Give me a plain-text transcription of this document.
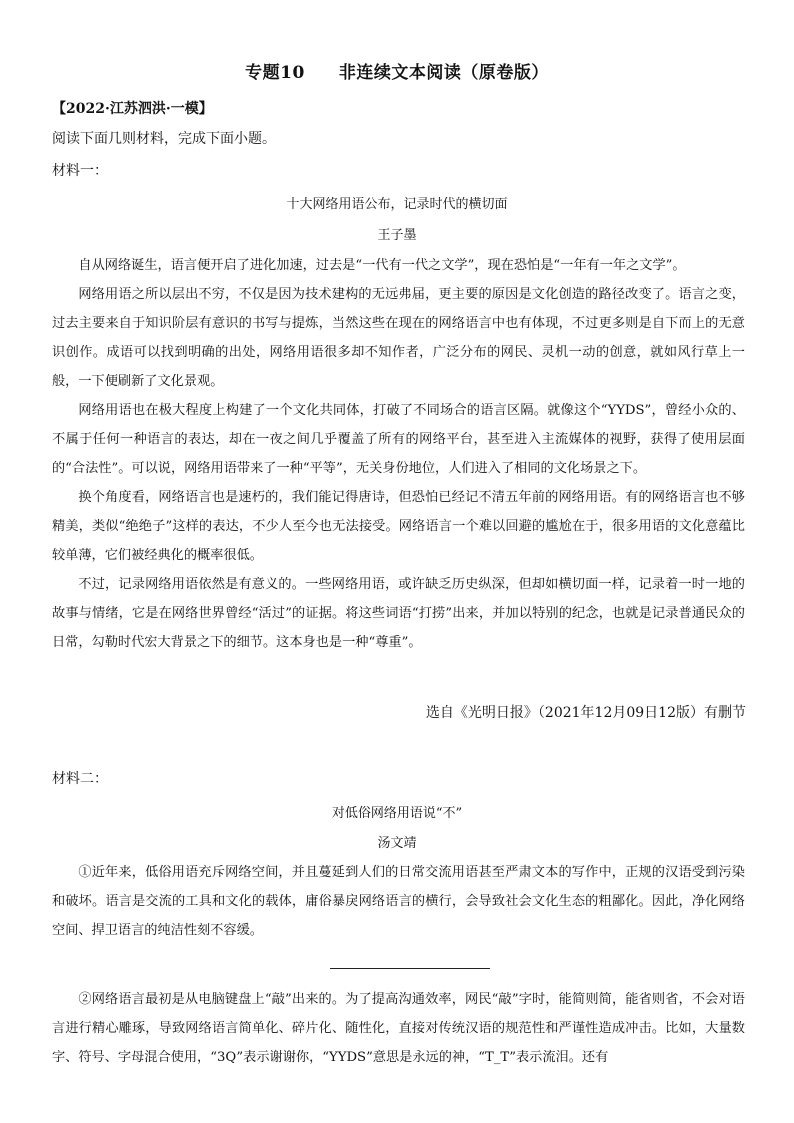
专题10 非连续文本阅读（原卷版）
【2022·江苏泗洪·一模】
阅读下面几则材料，完成下面小题。
材料一：
十大网络用语公布，记录时代的横切面
王子墨

自从网络诞生，语言便开启了进化加速，过去是“一代有一代之文学”，现在恐怕是“一年有一年之文学”。

网络用语之所以层出不穷，不仅是因为技术建构的无远弗届，更主要的原因是文化创造的路径改变了。语言之变，过去主要来自于知识阶层有意识的书写与提炼，当然这些在现在的网络语言中也有体现，不过更多则是自下而上的无意识创作。成语可以找到明确的出处，网络用语很多却不知作者，广泛分布的网民、灵机一动的创意，就如风行草上一般，一下便刷新了文化景观。

网络用语也在极大程度上构建了一个文化共同体，打破了不同场合的语言区隔。就像这个“YYDS”，曾经小众的、不属于任何一种语言的表达，却在一夜之间几乎覆盖了所有的网络平台，甚至进入主流媒体的视野，获得了使用层面的“合法性”。可以说，网络用语带来了一种“平等”，无关身份地位，人们进入了相同的文化场景之下。

换个角度看，网络语言也是速朽的，我们能记得唐诗，但恐怕已经记不清五年前的网络用语。有的网络语言也不够精美，类似“绝绝子”这样的表达，不少人至今也无法接受。网络语言一个难以回避的尴尬在于，很多用语的文化意蕴比较单薄，它们被经典化的概率很低。

不过，记录网络用语依然是有意义的。一些网络用语，或许缺乏历史纵深，但却如横切面一样，记录着一时一地的故事与情绪，它是在网络世界曾经“活过”的证据。将这些词语“打捞”出来，并加以特别的纪念，也就是记录普通民众的日常，勾勒时代宏大背景之下的细节。这本身也是一种“尊重”。

选自《光明日报》（2021年12月09日12版）有删节
材料二：
对低俗网络用语说“不”
汤文靖

①近年来，低俗用语充斥网络空间，并且蔓延到人们的日常交流用语甚至严肃文本的写作中，正规的汉语受到污染和破坏。语言是交流的工具和文化的载体，庸俗暴戾网络语言的横行，会导致社会文化生态的粗鄙化。因此，净化网络空间、捍卫语言的纯洁性刻不容缓。

②网络语言最初是从电脑键盘上“敲”出来的。为了提高沟通效率，网民“敲”字时，能简则简，能省则省，不会对语言进行精心雕琢，导致网络语言简单化、碎片化、随性化，直接对传统汉语的规范性和严谨性造成冲击。比如，大量数字、符号、字母混合使用，“3Q”表示谢谢你，“YYDS”意思是永远的神，“T_T”表示流泪。还有
